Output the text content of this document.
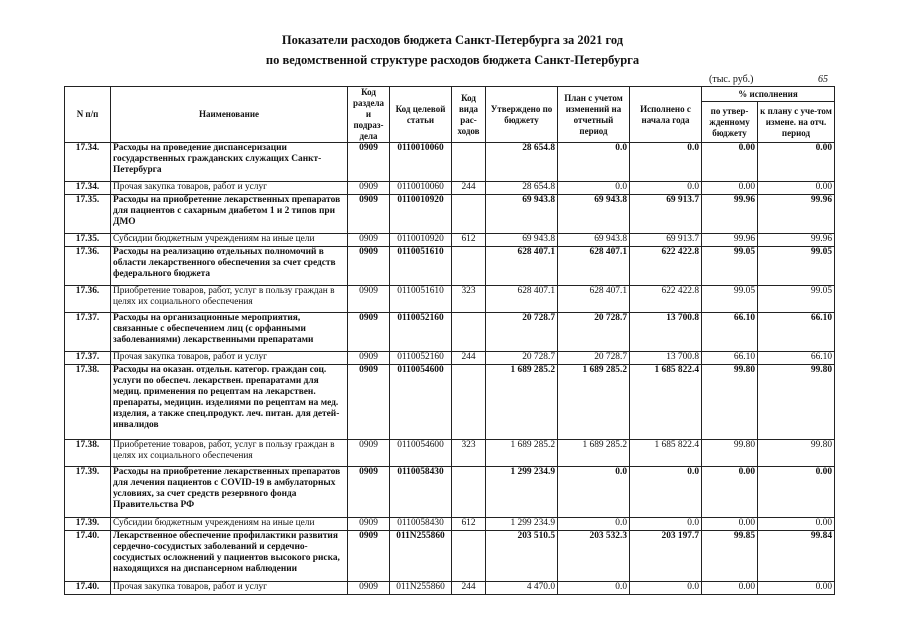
Показатели расходов бюджета Санкт-Петербурга за 2021 год
по ведомственной структуре расходов бюджета Санкт-Петербурга
(тыс. руб.)	65
N п/п	Наименование	Код раздела и подраз-дела	Код целевой статьи	Код вида рас-ходов	Утверждено по бюджету	План с учетом изменений на отчетный период	Исполнено с начала года	% исполнения	
								по утвер-жденному бюджету	к плану с уче-том измене. на отч. период
17.34.	Расходы на проведение диспансеризации государственных гражданских служащих Санкт-Петербурга	0909	0110010060		28 654.8	0.0	0.0	0.00	0.00
17.34.	Прочая закупка товаров, работ и услуг	0909	0110010060	244	28 654.8	0.0	0.0	0.00	0.00
17.35.	Расходы на приобретение лекарственных препаратов для пациентов с сахарным диабетом 1 и 2 типов при ДМО	0909	0110010920		69 943.8	69 943.8	69 913.7	99.96	99.96
17.35.	Субсидии бюджетным учреждениям на иные цели	0909	0110010920	612	69 943.8	69 943.8	69 913.7	99.96	99.96
17.36.	Расходы на реализацию отдельных полномочий в области лекарственного обеспечения за счет средств федерального бюджета	0909	0110051610		628 407.1	628 407.1	622 422.8	99.05	99.05
17.36.	Приобретение товаров, работ, услуг в пользу граждан в целях их социального обеспечения	0909	0110051610	323	628 407.1	628 407.1	622 422.8	99.05	99.05
17.37.	Расходы на организационные мероприятия, связанные с обеспечением лиц (с орфанными заболеваниями) лекарственными препаратами	0909	0110052160		20 728.7	20 728.7	13 700.8	66.10	66.10
17.37.	Прочая закупка товаров, работ и услуг	0909	0110052160	244	20 728.7	20 728.7	13 700.8	66.10	66.10
17.38.	Расходы на оказан. отдельн. категор. граждан соц. услуги по обеспеч. лекарствен. препаратами для медиц. применения по рецептам на лекарствен. препараты, медицин. изделиями по рецептам на мед. изделия, а также спец.продукт. леч. питан. для детей-инвалидов	0909	0110054600		1 689 285.2	1 689 285.2	1 685 822.4	99.80	99.80
17.38.	Приобретение товаров, работ, услуг в пользу граждан в целях их социального обеспечения	0909	0110054600	323	1 689 285.2	1 689 285.2	1 685 822.4	99.80	99.80
17.39.	Расходы на приобретение лекарственных препаратов для лечения пациентов с COVID-19 в амбулаторных условиях, за счет средств резервного фонда Правительства РФ	0909	0110058430		1 299 234.9	0.0	0.0	0.00	0.00
17.39.	Субсидии бюджетным учреждениям на иные цели	0909	0110058430	612	1 299 234.9	0.0	0.0	0.00	0.00
17.40.	Лекарственное обеспечение профилактики развития сердечно-сосудистых заболеваний и сердечно-сосудистых осложнений у пациентов высокого риска, находящихся на диспансерном наблюдении	0909	011N255860		203 510.5	203 532.3	203 197.7	99.85	99.84
17.40.	Прочая закупка товаров, работ и услуг	0909	011N255860	244	4 470.0	0.0	0.0	0.00	0.00
